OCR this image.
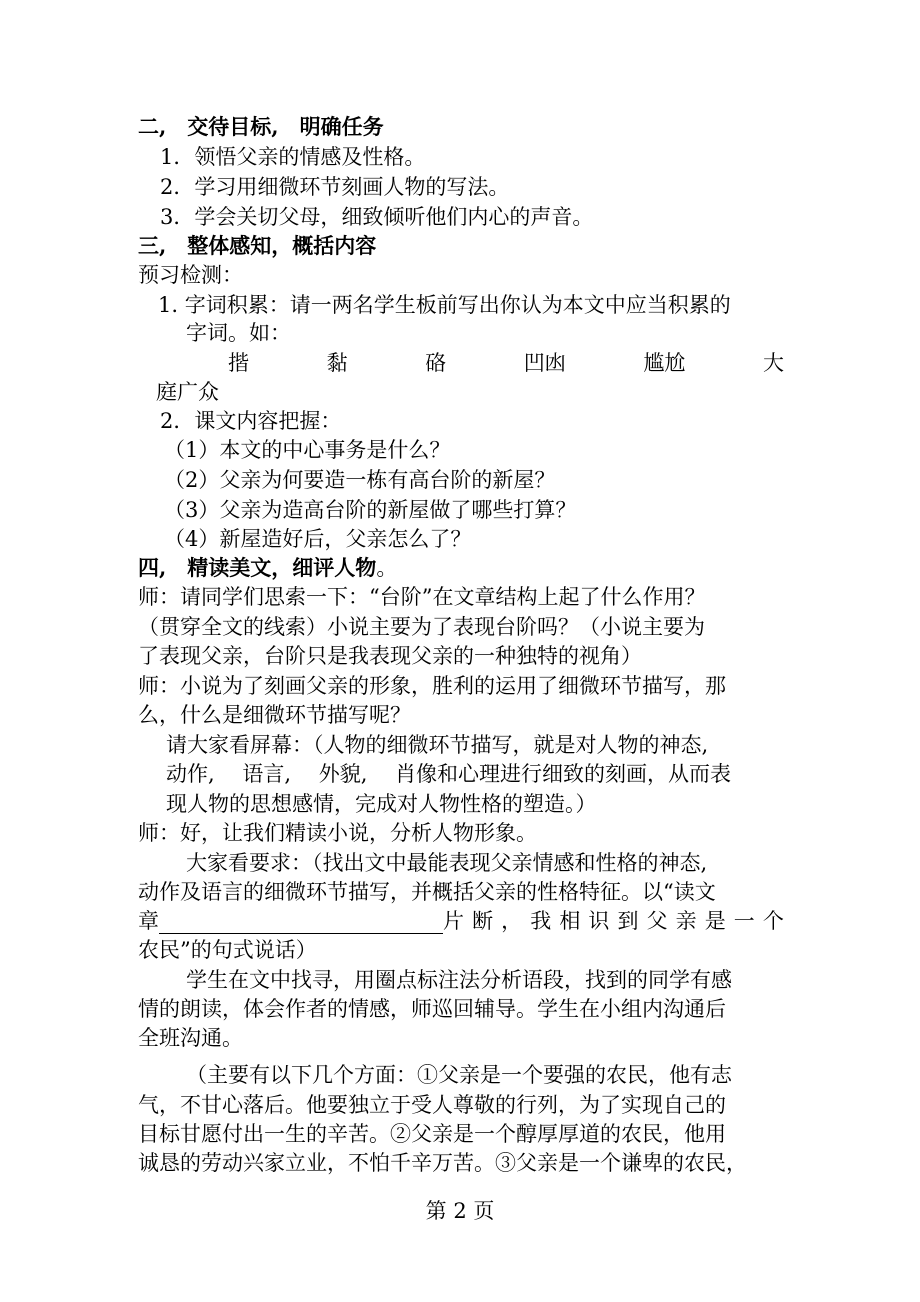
二,　交待目标,　明确任务
1．领悟父亲的情感及性格。
2．学习用细微环节刻画人物的写法。
3．学会关切父母，细致倾听他们内心的声音。
三,　整体感知，概括内容
预习检测：
1. 字词积累：请一两名学生板前写出你认为本文中应当积累的
字词。如：
揩	黏	硌	凹凼	尴尬	大
庭广众
2．课文内容把握：
（1）本文的中心事务是什么？
（2）父亲为何要造一栋有高台阶的新屋？
（3）父亲为造高台阶的新屋做了哪些打算？
（4）新屋造好后，父亲怎么了？
四,　精读美文，细评人物。
师：请同学们思索一下：“台阶”在文章结构上起了什么作用？
（贯穿全文的线索）小说主要为了表现台阶吗？（小说主要为
了表现父亲，台阶只是我表现父亲的一种独特的视角）
师：小说为了刻画父亲的形象，胜利的运用了细微环节描写，那
么，什么是细微环节描写呢？
请大家看屏幕：（人物的细微环节描写，就是对人物的神态,
动作,　 语言,　 外貌,　 肖像和心理进行细致的刻画，从而表
现人物的思想感情，完成对人物性格的塑造。）
师：好，让我们精读小说，分析人物形象。
大家看要求：（找出文中最能表现父亲情感和性格的神态,
动作及语言的细微环节描写，并概括父亲的性格特征。以“读文
章	片 断 ， 我 相 识 到 父 亲 是 一 个
农民”的句式说话）
学生在文中找寻，用圈点标注法分析语段，找到的同学有感
情的朗读，体会作者的情感，师巡回辅导。学生在小组内沟通后
全班沟通。
（主要有以下几个方面：①父亲是一个要强的农民，他有志
气，不甘心落后。他要独立于受人尊敬的行列，为了实现自己的
目标甘愿付出一生的辛苦。②父亲是一个醇厚厚道的农民，他用
诚恳的劳动兴家立业，不怕千辛万苦。③父亲是一个谦卑的农民，
第 2 页
